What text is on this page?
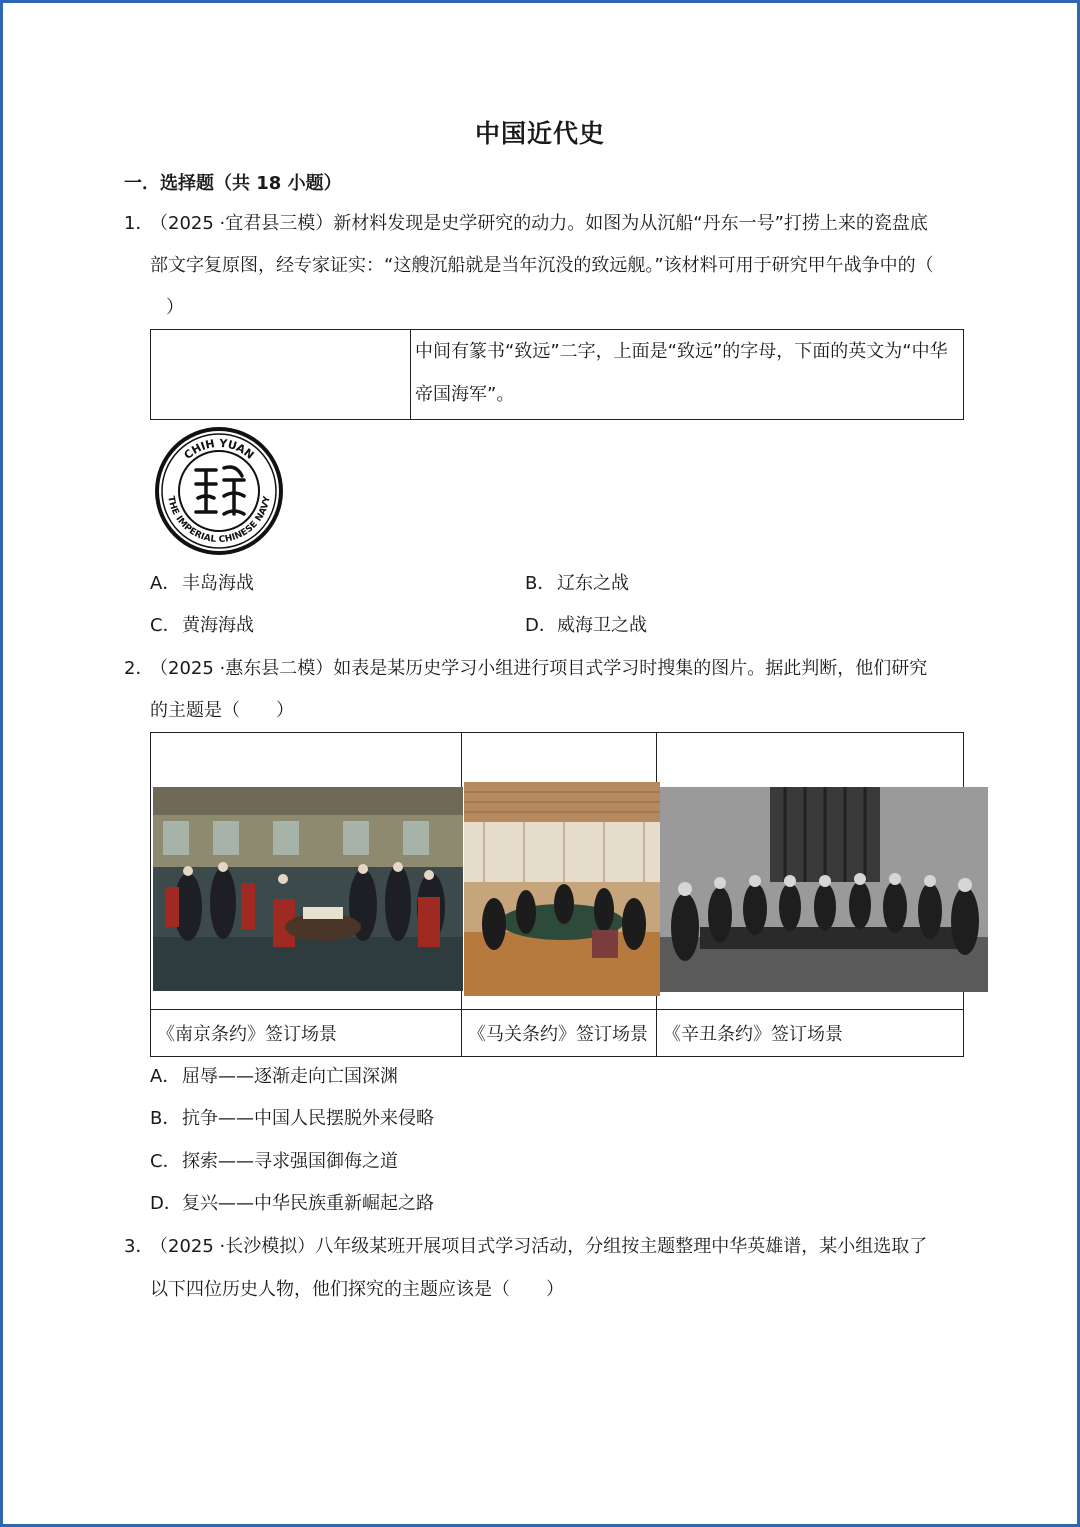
中国近代史
一．选择题（共 18 小题）
1．（2025 ·宜君县三模）新材料发现是史学研究的动力。如图为从沉船“丹东一号”打捞上来的瓷盘底
部文字复原图，经专家证实：“这艘沉船就是当年沉没的致远舰。”该材料可用于研究甲午战争中的（
）

中间有篆书“致远”二字，上面是“致远”的字母，下面的英文为“中华
帝国海军”。
CHIH YUAN
THE IMPERIAL CHINESE NAVY
A．丰岛海战	B．辽东之战
C．黄海海战	D．威海卫之战
2．（2025 ·惠东县二模）如表是某历史学习小组进行项目式学习时搜集的图片。据此判断，他们研究
的主题是（　　）

《南京条约》签订场景	《马关条约》签订场景	《辛丑条约》签订场景
A．屈辱——逐渐走向亡国深渊
B．抗争——中国人民摆脱外来侵略
C．探索——寻求强国御侮之道
D．复兴——中华民族重新崛起之路
3．（2025 ·长沙模拟）八年级某班开展项目式学习活动，分组按主题整理中华英雄谱，某小组选取了
以下四位历史人物，他们探究的主题应该是（　　）
